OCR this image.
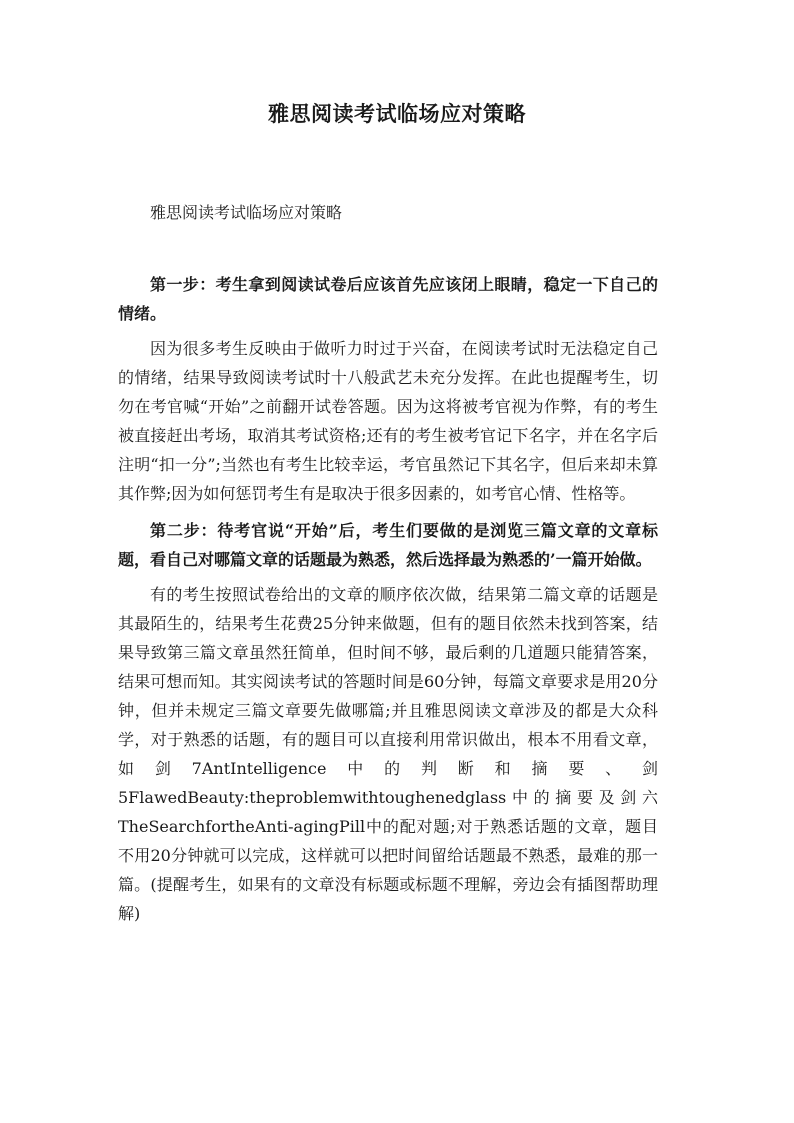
雅思阅读考试临场应对策略

雅思阅读考试临场应对策略

第一步：考生拿到阅读试卷后应该首先应该闭上眼睛，稳定一下自己的情绪。

因为很多考生反映由于做听力时过于兴奋，在阅读考试时无法稳定自己的情绪，结果导致阅读考试时十八般武艺未充分发挥。在此也提醒考生，切勿在考官喊“开始”之前翻开试卷答题。因为这将被考官视为作弊，有的考生被直接赶出考场，取消其考试资格;还有的考生被考官记下名字，并在名字后注明“扣一分”;当然也有考生比较幸运，考官虽然记下其名字，但后来却未算其作弊;因为如何惩罚考生有是取决于很多因素的，如考官心情、性格等。

第二步：待考官说“开始”后，考生们要做的是浏览三篇文章的文章标题，看自己对哪篇文章的话题最为熟悉，然后选择最为熟悉的’一篇开始做。

有的考生按照试卷给出的文章的顺序依次做，结果第二篇文章的话题是其最陌生的，结果考生花费25分钟来做题，但有的题目依然未找到答案，结果导致第三篇文章虽然狂简单，但时间不够，最后剩的几道题只能猜答案，结果可想而知。其实阅读考试的答题时间是60分钟，每篇文章要求是用20分钟，但并未规定三篇文章要先做哪篇;并且雅思阅读文章涉及的都是大众科学，对于熟悉的话题，有的题目可以直接利用常识做出，根本不用看文章，如剑7AntIntelligence中的判断和摘要、剑5FlawedBeauty:theproblemwithtoughenedglass中的摘要及剑六TheSearchfortheAnti-agingPill中的配对题;对于熟悉话题的文章，题目不用20分钟就可以完成，这样就可以把时间留给话题最不熟悉，最难的那一篇。(提醒考生，如果有的文章没有标题或标题不理解，旁边会有插图帮助理解)
